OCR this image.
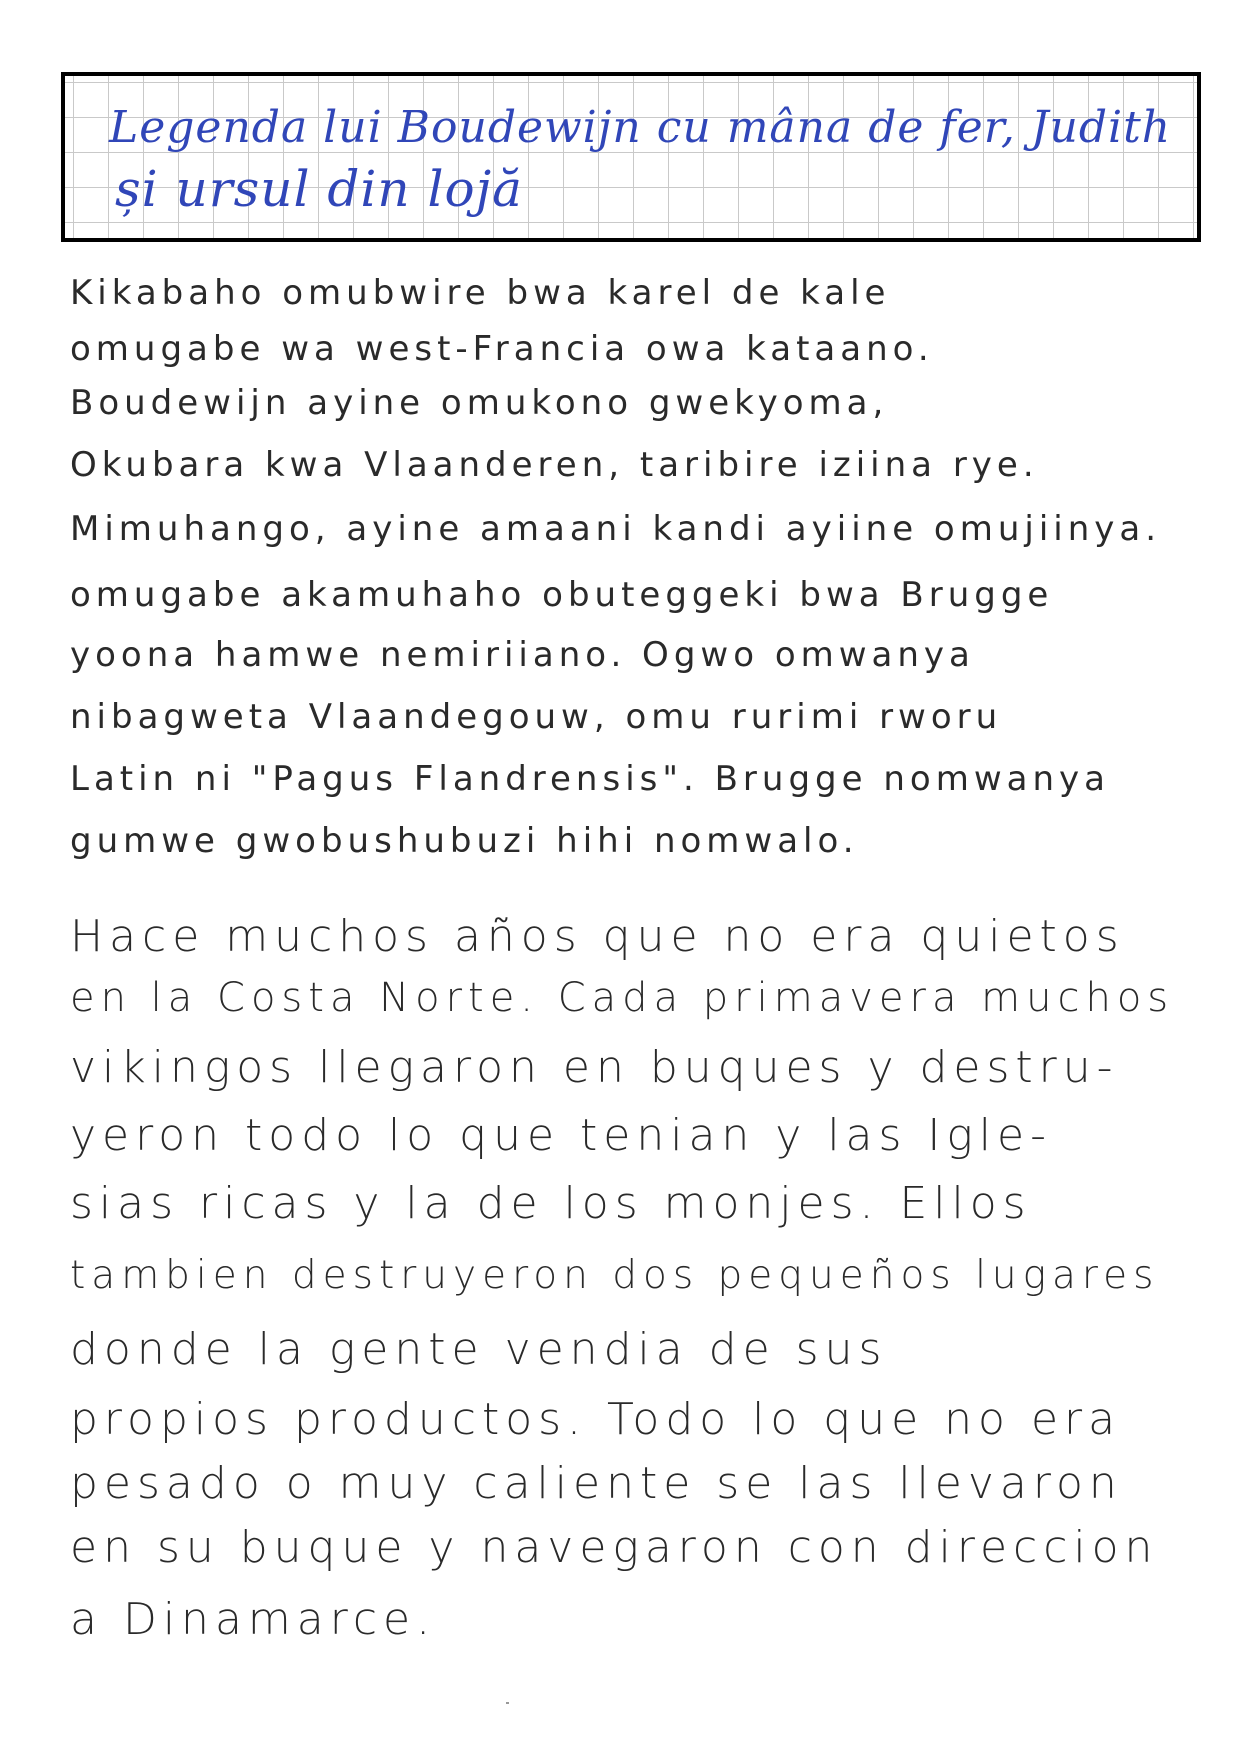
Legenda lui Boudewijn cu mâna de fer, Judith
și ursul din lojă
Kikabaho omubwire bwa karel de kale
omugabe wa west-Francia owa kataano.
Boudewijn ayine omukono gwekyoma,
Okubara kwa Vlaanderen, taribire iziina rye.
Mimuhango, ayine amaani kandi ayiine omujiinya.
omugabe akamuhaho obuteggeki bwa Brugge
yoona hamwe nemiriiano. Ogwo omwanya
nibagweta Vlaandegouw, omu rurimi rworu
Latin ni "Pagus Flandrensis". Brugge nomwanya
gumwe gwobushubuzi hihi nomwalo.
Hace muchos años que no era quietos
en la Costa Norte. Cada primavera muchos
vikingos llegaron en buques y destru-
yeron todo lo que tenian y las Igle-
sias ricas y la de los monjes. Ellos
tambien destruyeron dos pequeños lugares
donde la gente vendia de sus
propios productos. Todo lo que no era
pesado o muy caliente se las llevaron
en su buque y navegaron con direccion
a Dinamarce.
